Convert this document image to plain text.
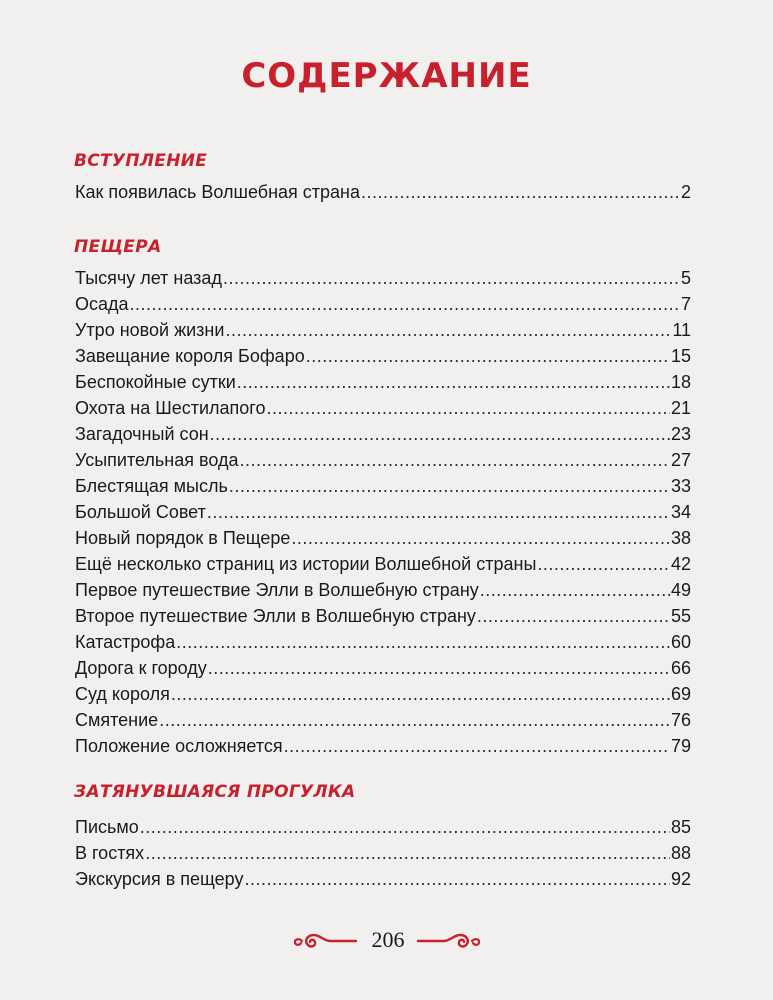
СОДЕРЖАНИЕ
ВСТУПЛЕНИЕ
Как появилась Волшебная страна .....	2
ПЕЩЕРА
Тысячу лет назад .....	5
Осада .....	7
Утро новой жизни .....	11
Завещание короля Бофаро .....	15
Беспокойные сутки .....	18
Охота на Шестилапого .....	21
Загадочный сон .....	23
Усыпительная вода .....	27
Блестящая мысль .....	33
Большой Совет .....	34
Новый порядок в Пещере .....	38
Ещё несколько страниц из истории Волшебной страны .....	42
Первое путешествие Элли в Волшебную страну .....	49
Второе путешествие Элли в Волшебную страну .....	55
Катастрофа .....	60
Дорога к городу .....	66
Суд короля .....	69
Смятение .....	76
Положение осложняется .....	79
ЗАТЯНУВШАЯСЯ ПРОГУЛКА
Письмо .....	85
В гостях .....	88
Экскурсия в пещеру .....	92
206
